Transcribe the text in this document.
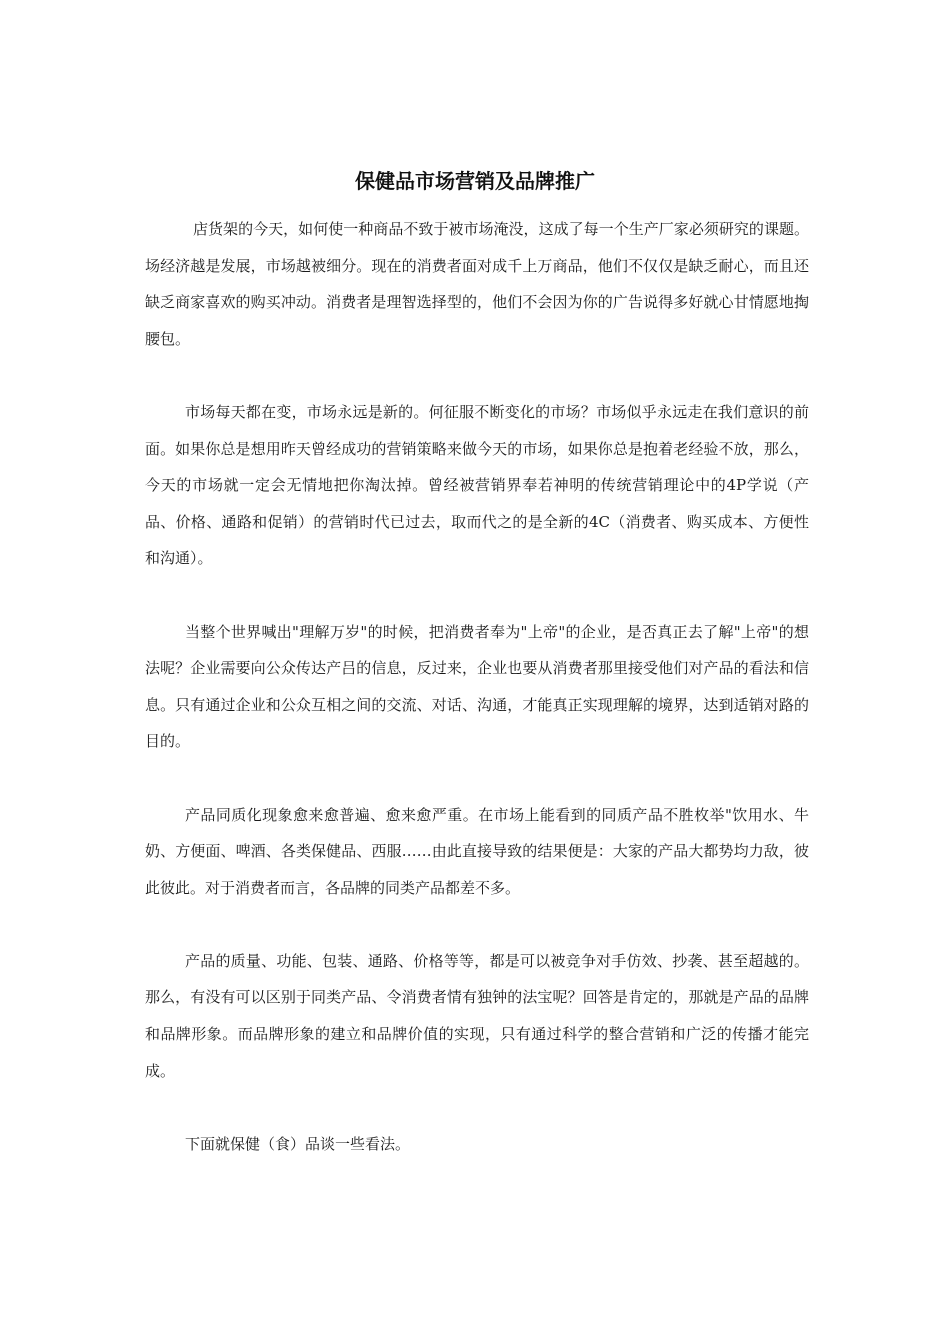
保健品市场营销及品牌推广

店货架的今天，如何使一种商品不致于被市场淹没，这成了每一个生产厂家必须研究的课题。场经济越是发展，市场越被细分。现在的消费者面对成千上万商品，他们不仅仅是缺乏耐心，而且还缺乏商家喜欢的购买冲动。消费者是理智选择型的，他们不会因为你的广告说得多好就心甘情愿地掏腰包。

市场每天都在变，市场永远是新的。何征服不断变化的市场？市场似乎永远走在我们意识的前面。如果你总是想用昨天曾经成功的营销策略来做今天的市场，如果你总是抱着老经验不放，那么，今天的市场就一定会无情地把你淘汰掉。曾经被营销界奉若神明的传统营销理论中的4P学说（产品、价格、通路和促销）的营销时代已过去，取而代之的是全新的4C（消费者、购买成本、方便性和沟通）。

当整个世界喊出"理解万岁"的时候，把消费者奉为"上帝"的企业，是否真正去了解"上帝"的想法呢？企业需要向公众传达产吕的信息，反过来，企业也要从消费者那里接受他们对产品的看法和信息。只有通过企业和公众互相之间的交流、对话、沟通，才能真正实现理解的境界，达到适销对路的目的。

产品同质化现象愈来愈普遍、愈来愈严重。在市场上能看到的同质产品不胜枚举"饮用水、牛奶、方便面、啤酒、各类保健品、西服……由此直接导致的结果便是：大家的产品大都势均力敌，彼此彼此。对于消费者而言，各品牌的同类产品都差不多。

产品的质量、功能、包装、通路、价格等等，都是可以被竞争对手仿效、抄袭、甚至超越的。那么，有没有可以区别于同类产品、令消费者情有独钟的法宝呢？回答是肯定的，那就是产品的品牌和品牌形象。而品牌形象的建立和品牌价值的实现，只有通过科学的整合营销和广泛的传播才能完成。

下面就保健（食）品谈一些看法。
